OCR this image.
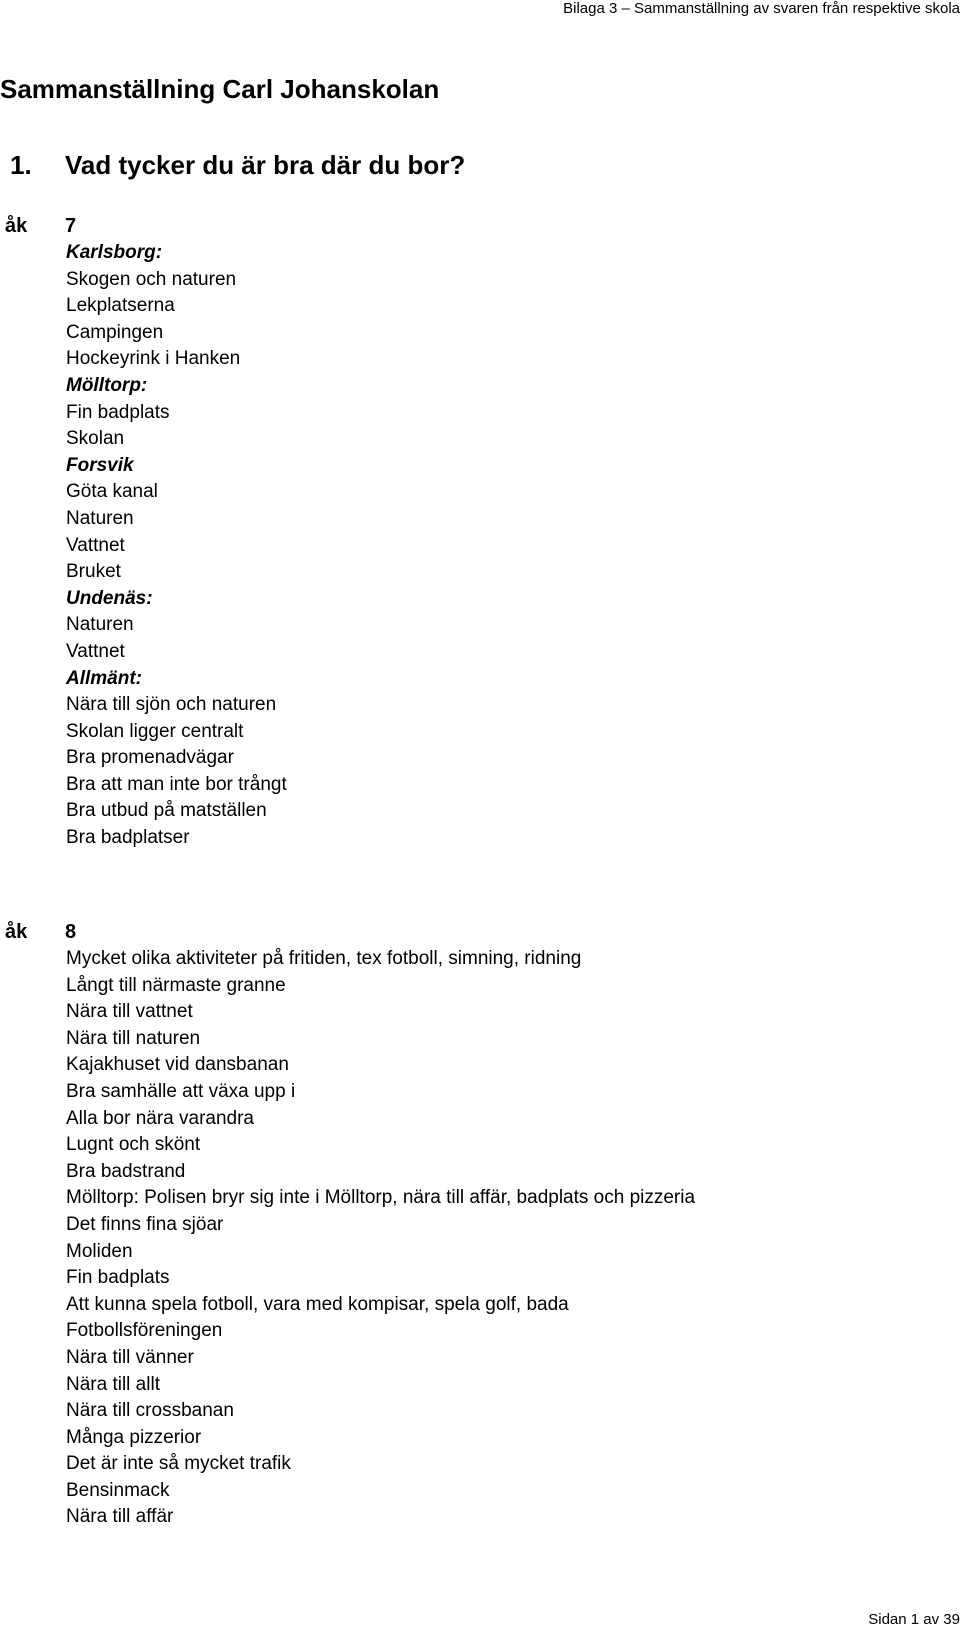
Bilaga 3 – Sammanställning av svaren från respektive skola
Sammanställning Carl Johanskolan
1. Vad tycker du är bra där du bor?
åk 7
Karlsborg:
Skogen och naturen
Lekplatserna
Campingen
Hockeyrink i Hanken
Mölltorp:
Fin badplats
Skolan
Forsvik
Göta kanal
Naturen
Vattnet
Bruket
Undenäs:
Naturen
Vattnet
Allmänt:
Nära till sjön och naturen
Skolan ligger centralt
Bra promenadvägar
Bra att man inte bor trångt
Bra utbud på matställen
Bra badplatser
åk 8
Mycket olika aktiviteter på fritiden, tex fotboll, simning, ridning
Långt till närmaste granne
Nära till vattnet
Nära till naturen
Kajakhuset vid dansbanan
Bra samhälle att växa upp i
Alla bor nära varandra
Lugnt och skönt
Bra badstrand
Mölltorp: Polisen bryr sig inte i Mölltorp, nära till affär, badplats och pizzeria
Det finns fina sjöar
Moliden
Fin badplats
Att kunna spela fotboll, vara med kompisar, spela golf, bada
Fotbollsföreningen
Nära till vänner
Nära till allt
Nära till crossbanan
Många pizzerior
Det är inte så mycket trafik
Bensinmack
Nära till affär
Sidan 1 av 39
